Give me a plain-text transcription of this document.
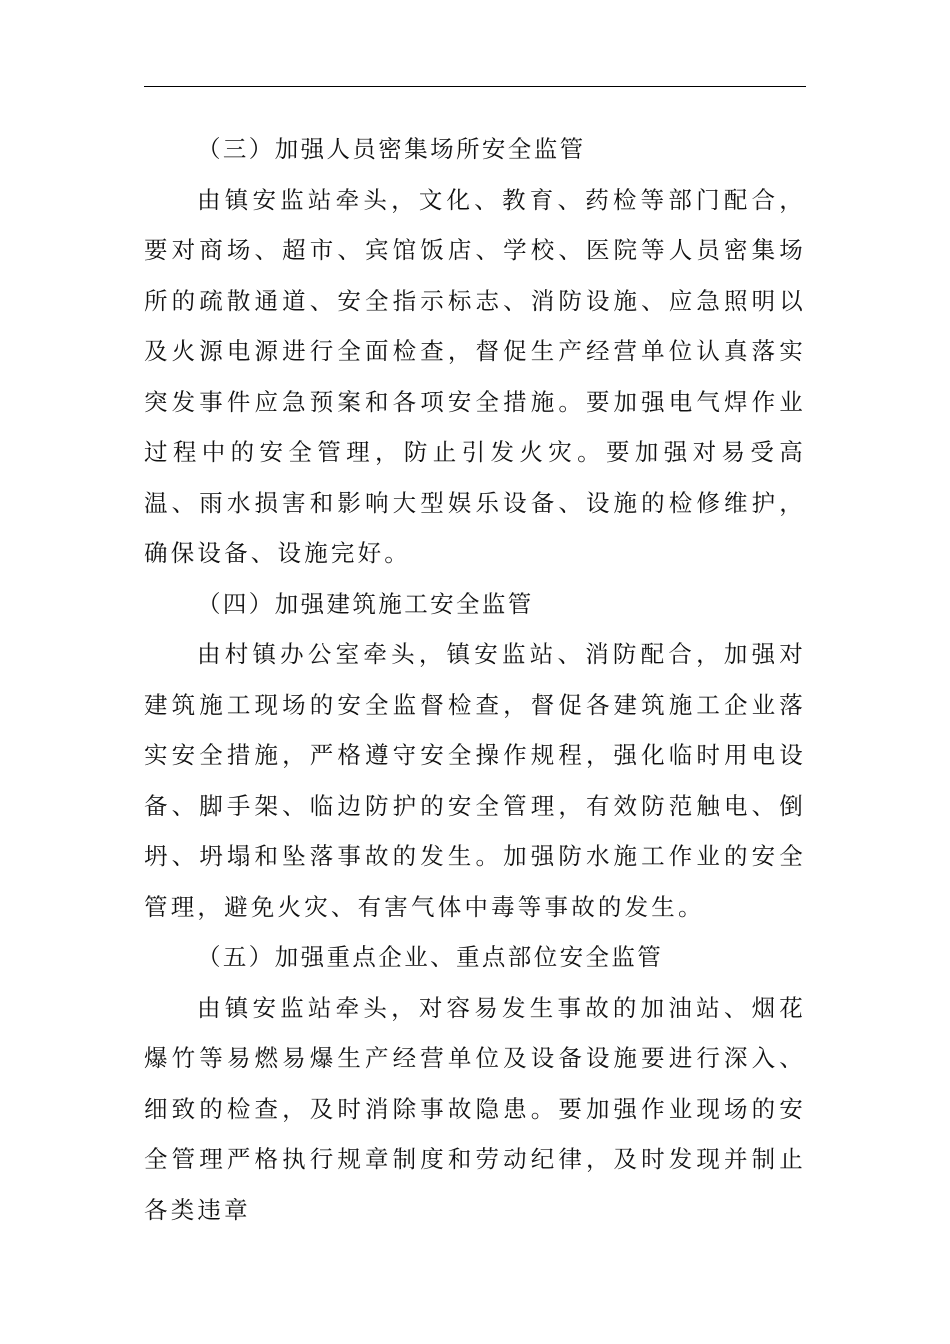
（三）加强人员密集场所安全监管

由镇安监站牵头，文化、教育、药检等部门配合，要对商场、超市、宾馆饭店、学校、医院等人员密集场所的疏散通道、安全指示标志、消防设施、应急照明以及火源电源进行全面检查，督促生产经营单位认真落实突发事件应急预案和各项安全措施。要加强电气焊作业过程中的安全管理，防止引发火灾。要加强对易受高温、雨水损害和影响大型娱乐设备、设施的检修维护，确保设备、设施完好。

（四）加强建筑施工安全监管

由村镇办公室牵头，镇安监站、消防配合，加强对建筑施工现场的安全监督检查，督促各建筑施工企业落实安全措施，严格遵守安全操作规程，强化临时用电设备、脚手架、临边防护的安全管理，有效防范触电、倒坍、坍塌和坠落事故的发生。加强防水施工作业的安全管理，避免火灾、有害气体中毒等事故的发生。

（五）加强重点企业、重点部位安全监管

由镇安监站牵头，对容易发生事故的加油站、烟花爆竹等易燃易爆生产经营单位及设备设施要进行深入、细致的检查，及时消除事故隐患。要加强作业现场的安全管理严格执行规章制度和劳动纪律，及时发现并制止各类违章
